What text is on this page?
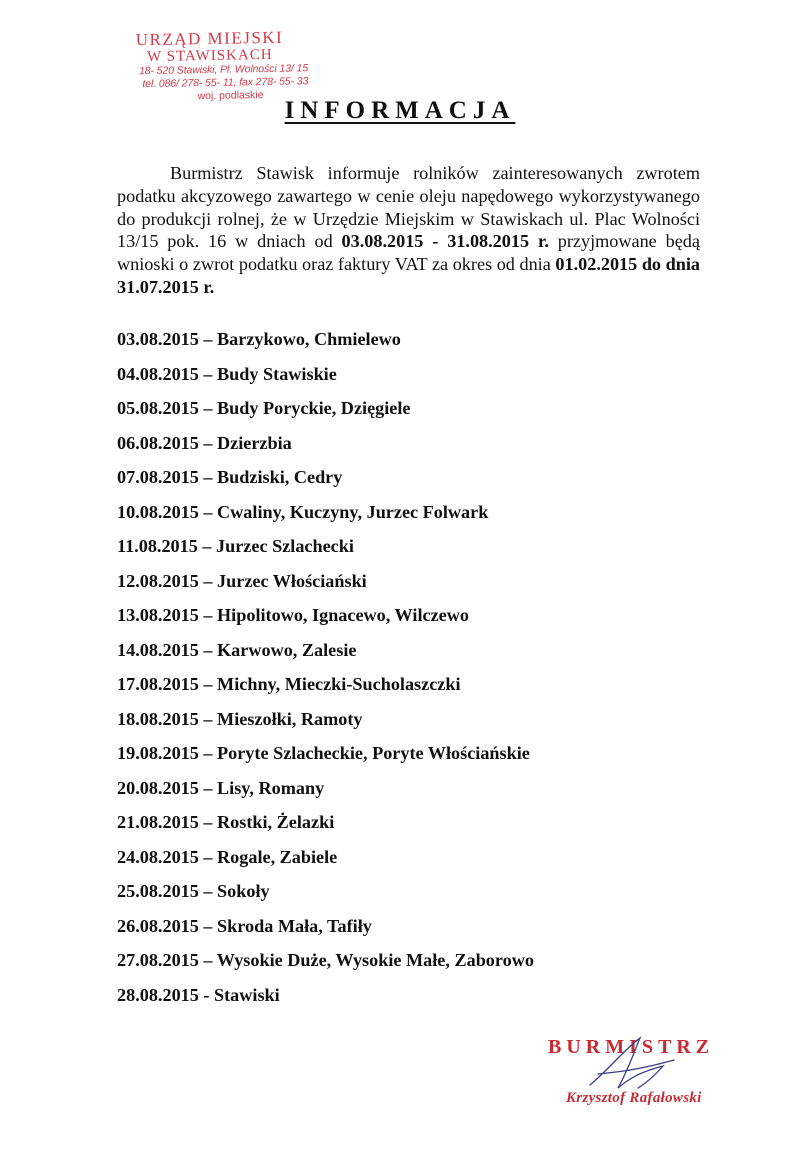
URZĄD MIEJSKI
W STAWISKACH
18- 520 Stawiski, Pl. Wolności 13/ 15
tel. 086/ 278- 55- 11, fax 278- 55- 33
woj. podlaskie
INFORMACJA
Burmistrz Stawisk informuje rolników zainteresowanych zwrotem podatku akcyzowego zawartego w cenie oleju napędowego wykorzystywanego do produkcji rolnej, że w Urzędzie Miejskim w Stawiskach ul. Plac Wolności 13/15 pok. 16 w dniach od 03.08.2015 - 31.08.2015 r. przyjmowane będą wnioski o zwrot podatku oraz faktury VAT za okres od dnia 01.02.2015 do dnia 31.07.2015 r.
03.08.2015 – Barzykowo, Chmielewo
04.08.2015 – Budy Stawiskie
05.08.2015 – Budy Poryckie, Dzięgiele
06.08.2015 – Dzierzbia
07.08.2015 – Budziski, Cedry
10.08.2015 – Cwaliny, Kuczyny, Jurzec Folwark
11.08.2015 – Jurzec Szlachecki
12.08.2015 – Jurzec Włościański
13.08.2015 – Hipolitowo, Ignacewo, Wilczewo
14.08.2015 – Karwowo, Zalesie
17.08.2015 – Michny, Mieczki-Sucholaszczki
18.08.2015 – Mieszołki, Ramoty
19.08.2015 – Poryte Szlacheckie, Poryte Włościańskie
20.08.2015 – Lisy, Romany
21.08.2015 – Rostki, Żelazki
24.08.2015 – Rogale, Zabiele
25.08.2015 – Sokoły
26.08.2015 – Skroda Mała, Tafiły
27.08.2015 – Wysokie Duże, Wysokie Małe, Zaborowo
28.08.2015 - Stawiski
BURMISTRZ
Krzysztof Rafałowski
